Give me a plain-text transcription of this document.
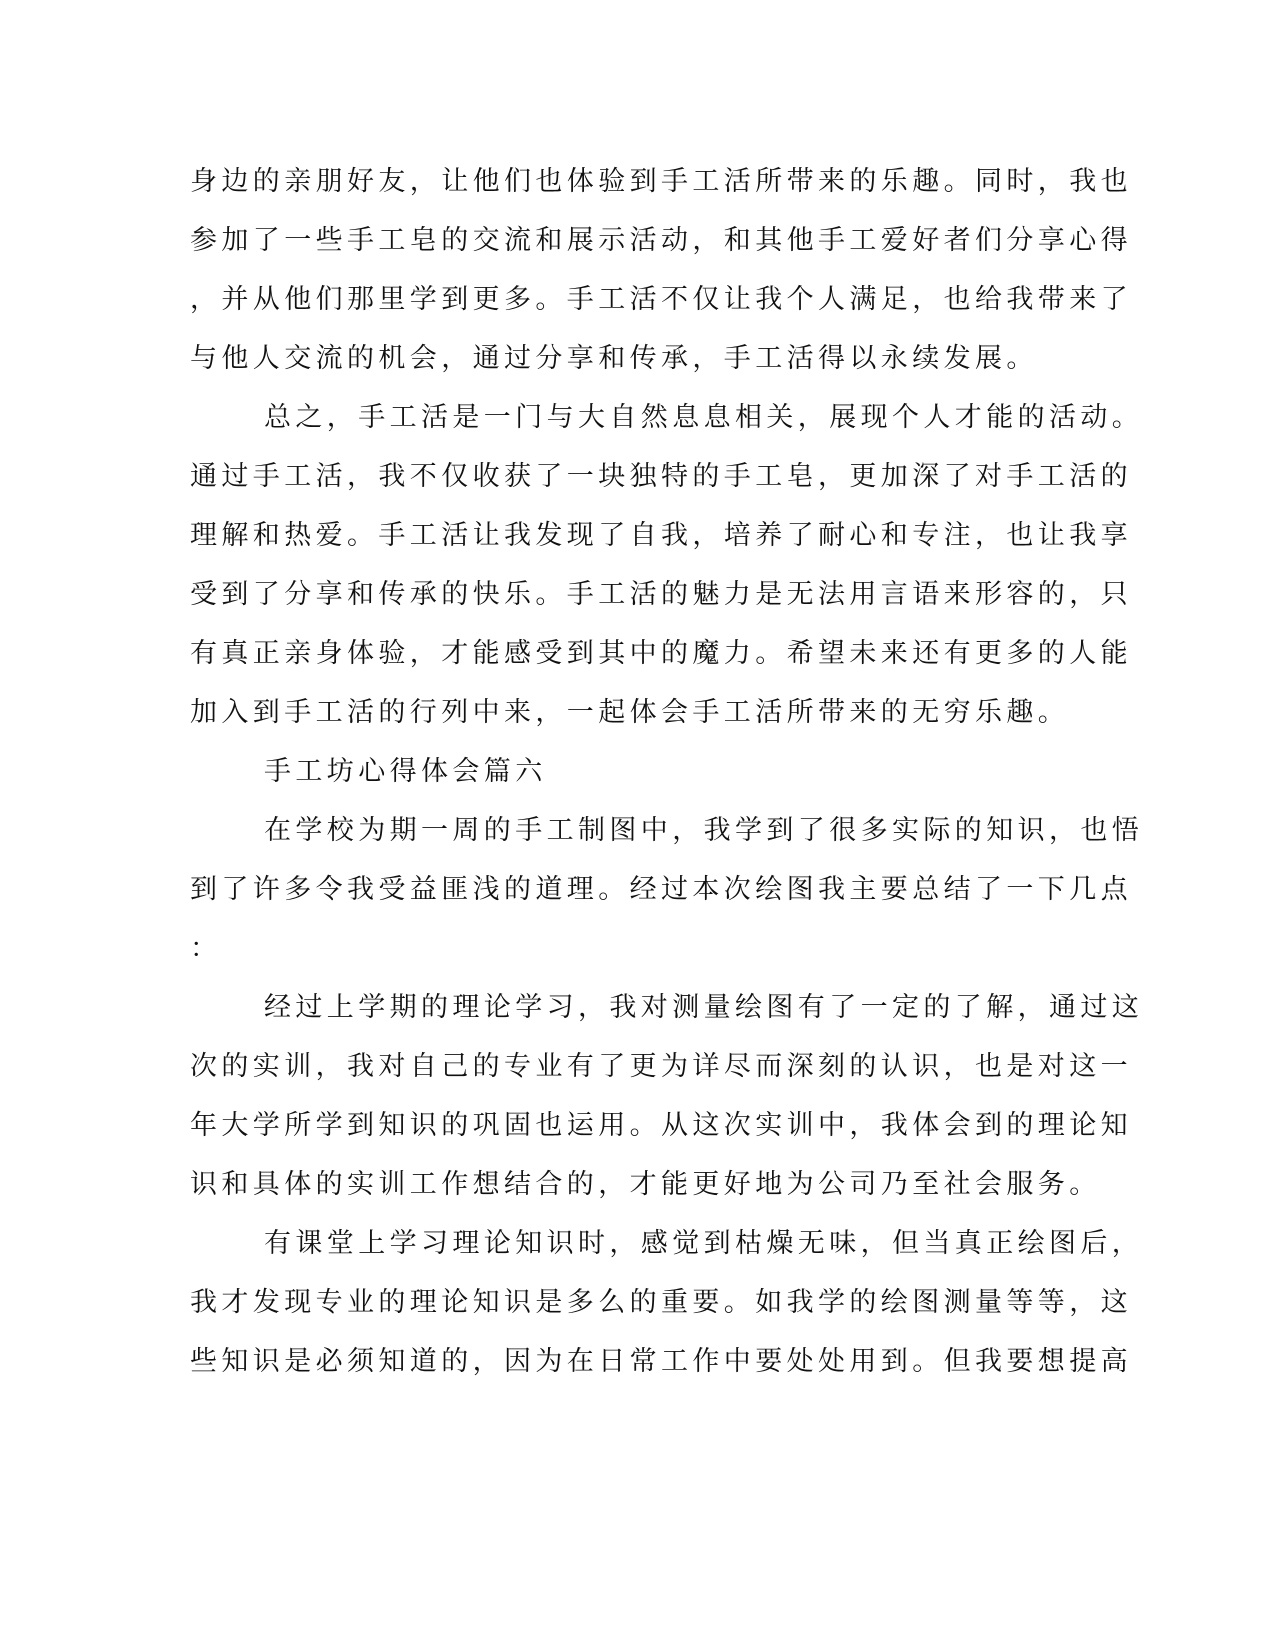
身边的亲朋好友，让他们也体验到手工活所带来的乐趣。同时，我也

参加了一些手工皂的交流和展示活动，和其他手工爱好者们分享心得

，并从他们那里学到更多。手工活不仅让我个人满足，也给我带来了

与他人交流的机会，通过分享和传承，手工活得以永续发展。

总之，手工活是一门与大自然息息相关，展现个人才能的活动。

通过手工活，我不仅收获了一块独特的手工皂，更加深了对手工活的

理解和热爱。手工活让我发现了自我，培养了耐心和专注，也让我享

受到了分享和传承的快乐。手工活的魅力是无法用言语来形容的，只

有真正亲身体验，才能感受到其中的魔力。希望未来还有更多的人能

加入到手工活的行列中来，一起体会手工活所带来的无穷乐趣。

手工坊心得体会篇六

在学校为期一周的手工制图中，我学到了很多实际的知识，也悟

到了许多令我受益匪浅的道理。经过本次绘图我主要总结了一下几点

：

经过上学期的理论学习，我对测量绘图有了一定的了解，通过这

次的实训，我对自己的专业有了更为详尽而深刻的认识，也是对这一

年大学所学到知识的巩固也运用。从这次实训中，我体会到的理论知

识和具体的实训工作想结合的，才能更好地为公司乃至社会服务。

有课堂上学习理论知识时，感觉到枯燥无味，但当真正绘图后，

我才发现专业的理论知识是多么的重要。如我学的绘图测量等等，这

些知识是必须知道的，因为在日常工作中要处处用到。但我要想提高
